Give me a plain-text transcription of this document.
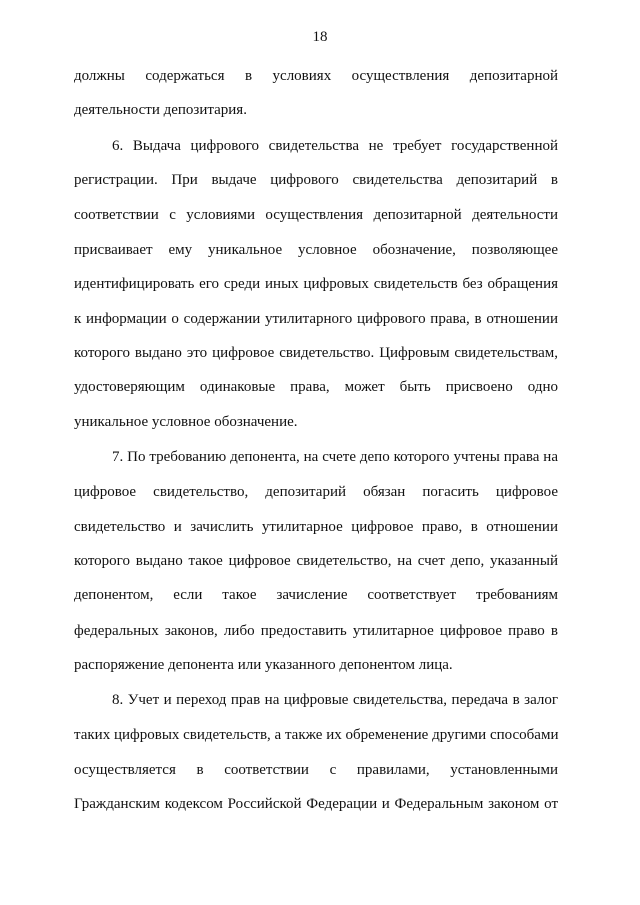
18
должны содержаться в условиях осуществления депозитарной
деятельности депозитария.
6. Выдача цифрового свидетельства не требует государственной
регистрации. При выдаче цифрового свидетельства депозитарий в
соответствии с условиями осуществления депозитарной деятельности
присваивает ему уникальное условное обозначение, позволяющее
идентифицировать его среди иных цифровых свидетельств без обращения
к информации о содержании утилитарного цифрового права, в отношении
которого выдано это цифровое свидетельство. Цифровым свидетельствам,
удостоверяющим одинаковые права, может быть присвоено одно
уникальное условное обозначение.
7. По требованию депонента, на счете депо которого учтены права на
цифровое свидетельство, депозитарий обязан погасить цифровое
свидетельство и зачислить утилитарное цифровое право, в отношении
которого выдано такое цифровое свидетельство, на счет депо, указанный
депонентом, если такое зачисление соответствует требованиям
федеральных законов, либо предоставить утилитарное цифровое право в
распоряжение депонента или указанного депонентом лица.
8. Учет и переход прав на цифровые свидетельства, передача в залог
таких цифровых свидетельств, а также их обременение другими способами
осуществляется в соответствии с правилами, установленными
Гражданским кодексом Российской Федерации и Федеральным законом от
